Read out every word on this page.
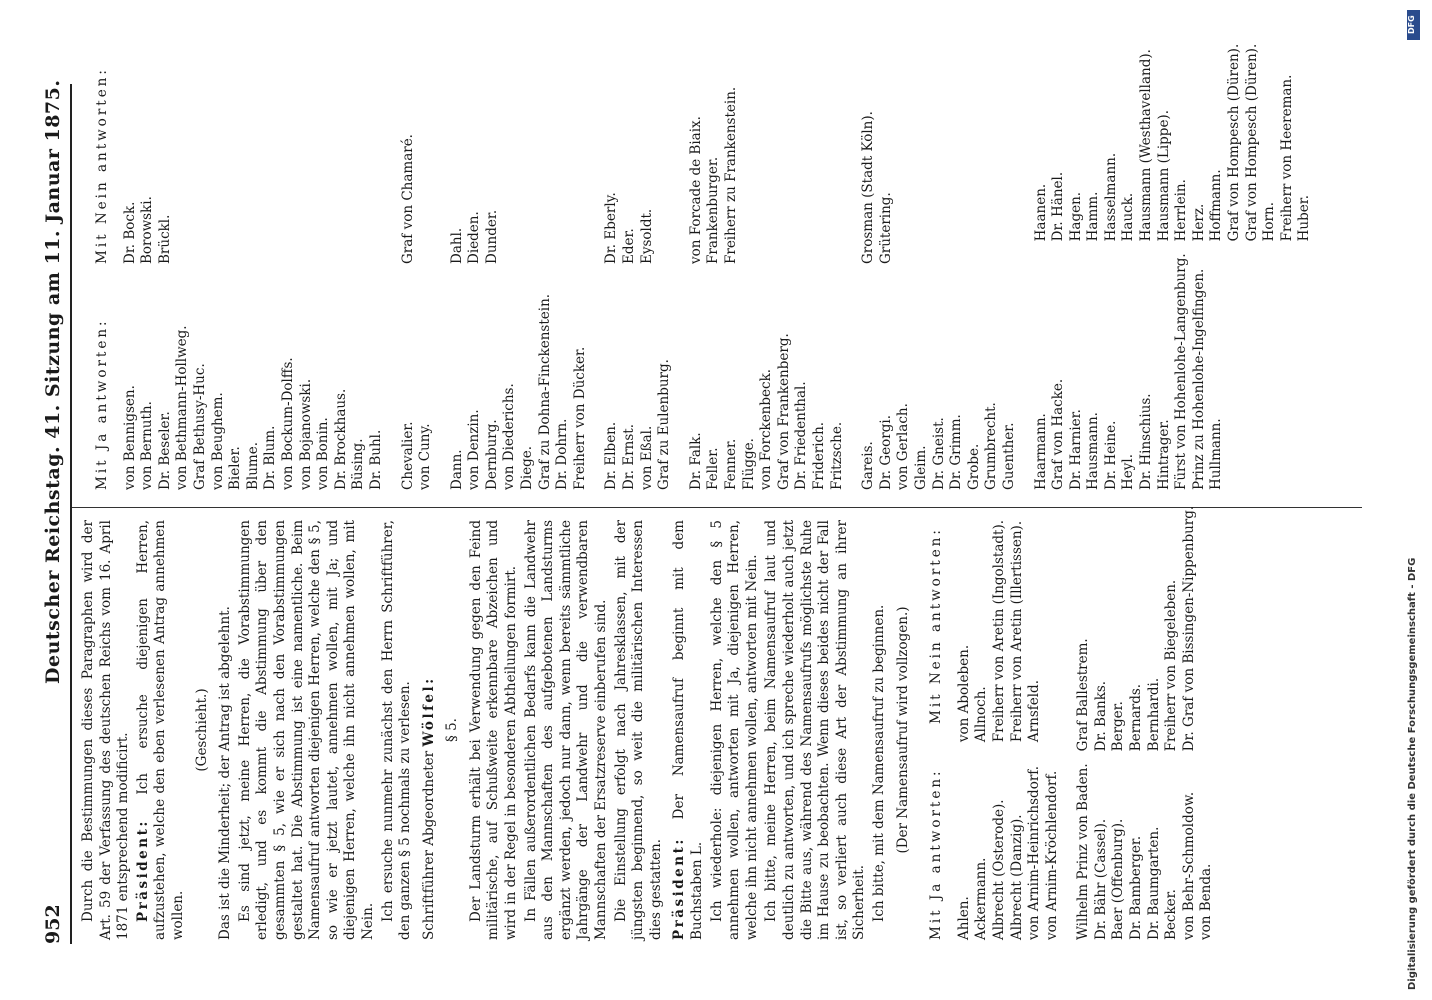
952
Deutscher Reichstag. 41. Sitzung am 11. Januar 1875.

Durch die Bestimmungen dieses Paragraphen wird der Art. 59 der Verfassung des deutschen Reichs vom 16. April 1871 entsprechend modificirt. Präsident: Ich ersuche diejenigen Herren, aufzustehen, welche den eben verlesenen Antrag annehmen wollen.

(Geschieht.) Das ist die Minderheit; der Antrag ist abgelehnt. Es sind jetzt, meine Herren, die Vorabstimmungen erledigt, und es kommt die Abstimmung über den gesammten § 5, wie er sich nach den Vorabstimmungen gestaltet hat. Die Abstimmung ist eine namentliche. Beim Namensaufruf antworten diejenigen Herren, welche den § 5, so wie er jetzt lautet, annehmen wollen, mit Ja; und diejenigen Herren, welche ihn nicht annehmen wollen, mit Nein. Ich ersuche nunmehr zunächst den Herrn Schriftführer, den ganzen § 5 nochmals zu verlesen. Schriftführer Abgeordneter Wölfel: § 5. Der Landsturm erhält bei Verwendung gegen den Feind militärische, auf Schußweite erkennbare Abzeichen und wird in der Regel in besonderen Abtheilungen formirt. In Fällen außerordentlichen Bedarfs kann die Landwehr aus den Mannschaften des aufgebotenen Landsturms ergänzt werden, jedoch nur dann, wenn bereits sämmtliche Jahrgänge der Landwehr und die verwendbaren Mannschaften der Ersatzreserve einberufen sind. Die Einstellung erfolgt nach Jahresklassen, mit der jüngsten beginnend, so weit die militärischen Interessen dies gestatten. Präsident: Der Namensaufruf beginnt mit dem Buchstaben L. Ich wiederhole: diejenigen Herren, welche den § 5 annehmen wollen, antworten mit Ja, diejenigen Herren, welche ihn nicht annehmen wollen, antworten mit Nein. Ich bitte, meine Herren, beim Namensaufruf laut und deutlich zu antworten, und ich spreche wiederholt auch jetzt die Bitte aus, während des Namensaufrufs möglichste Ruhe im Hause zu beobachten. Wenn dieses beides nicht der Fall ist, so verliert auch diese Art der Abstimmung an ihrer Sicherheit. Ich bitte, mit dem Namensaufruf zu beginnen. (Der Namensaufruf wird vollzogen.)

Mit Ja antworten:
Mit Nein antworten:
Ahlen. Ackermann. Albrecht (Osterode). Albrecht (Danzig). von Arnim-Heinrichsdorf. von Arnim-Kröchlendorf.
von Aboleben. Allnoch. Freiherr von Aretin (Ingolstadt). Freiherr von Aretin (Illertissen). Arnsfeld.
Wilhelm Prinz von Baden. Dr. Bähr (Cassel). Baer (Offenburg). Dr. Bamberger. Dr. Baumgarten. Becker. von Behr-Schmoldow. von Benda.
Graf Ballestrem. Dr. Banks. Berger. Bernards. Bernhardi. Freiherr von Biegeleben. Dr. Graf von Bissingen-Nippenburg.
Mit Ja antworten:
Mit Nein antworten:
von Bennigsen. von Bernuth. Dr. Beseler. von Bethmann-Hollweg. Graf Bethusy-Huc. von Beughem. Bieler. Blume. Dr. Blum. von Bockum-Dolffs. von Bojanowski. von Bonin. Dr. Brockhaus. Büsing. Dr. Buhl.
Dr. Bock. Borowski. Brückl.
Chevalier. von Cuny.
Graf von Chamaré.
Dann. von Denzin. Dernburg. von Diederichs. Diege. Graf zu Dohna-Finckenstein. Dr. Dohrn. Freiherr von Dücker.
Dahl. Dieden. Dunder.
Dr. Elben. Dr. Ernst. von Eßal. Graf zu Eulenburg.
Dr. Eberly. Eder. Eysoldt.
Dr. Falk. Feller. Fenner. Flügge. von Forckenbeck. Graf von Frankenberg. Dr. Friedenthal. Friderich. Fritzsche.
von Forcade de Biaix. Frankenburger. Freiherr zu Frankenstein.
Gareis. Dr. Georgi. von Gerlach. Gleim. Dr. Gneist. Dr. Grimm. Grobe. Grumbrecht. Guenther.
Grosman (Stadt Köln). Grütering.
Haarmann. Graf von Hacke. Dr. Harnier. Hausmann. Dr. Heine. Heyl. Dr. Hinschius. Hintrager. Fürst von Hohenlohe-Langenburg. Prinz zu Hohenlohe-Ingelfingen. Hullmann.
Haanen. Dr. Hänel. Hagen. Hamm. Hasselmann. Hauck. Hausmann (Westhavelland). Hausmann (Lippe). Herrlein. Herz. Hoffmann. Graf von Hompesch (Düren). Graf von Hompesch (Düren). Horn. Freiherr von Heereman. Huber.
DFG
Digitalisierung gefördert durch die Deutsche Forschungsgemeinschaft - DFG
